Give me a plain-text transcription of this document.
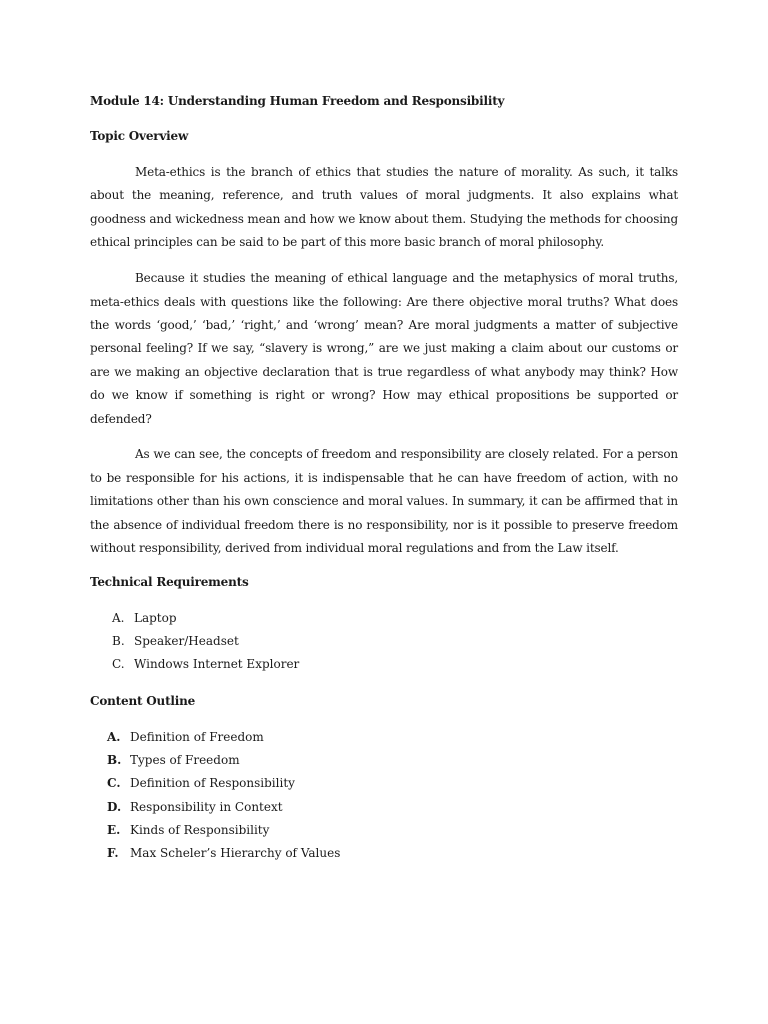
Module 14: Understanding Human Freedom and Responsibility
Topic Overview

Meta-ethics is the branch of ethics that studies the nature of morality. As such, it talks about the meaning, reference, and truth values of moral judgments. It also explains what goodness and wickedness mean and how we know about them. Studying the methods for choosing ethical principles can be said to be part of this more basic branch of moral philosophy.

Because it studies the meaning of ethical language and the metaphysics of moral truths, meta-ethics deals with questions like the following: Are there objective moral truths? What does the words ‘good,’ ‘bad,’ ‘right,’ and ‘wrong’ mean? Are moral judgments a matter of subjective personal feeling? If we say, “slavery is wrong,” are we just making a claim about our customs or are we making an objective declaration that is true regardless of what anybody may think? How do we know if something is right or wrong? How may ethical propositions be supported or defended?

As we can see, the concepts of freedom and responsibility are closely related. For a person to be responsible for his actions, it is indispensable that he can have freedom of action, with no limitations other than his own conscience and moral values. In summary, it can be affirmed that in the absence of individual freedom there is no responsibility, nor is it possible to preserve freedom without responsibility, derived from individual moral regulations and from the Law itself.

Technical Requirements
A. Laptop
B. Speaker/Headset
C. Windows Internet Explorer
Content Outline
A. Definition of Freedom
B. Types of Freedom
C. Definition of Responsibility
D. Responsibility in Context
E. Kinds of Responsibility
F. Max Scheler’s Hierarchy of Values
